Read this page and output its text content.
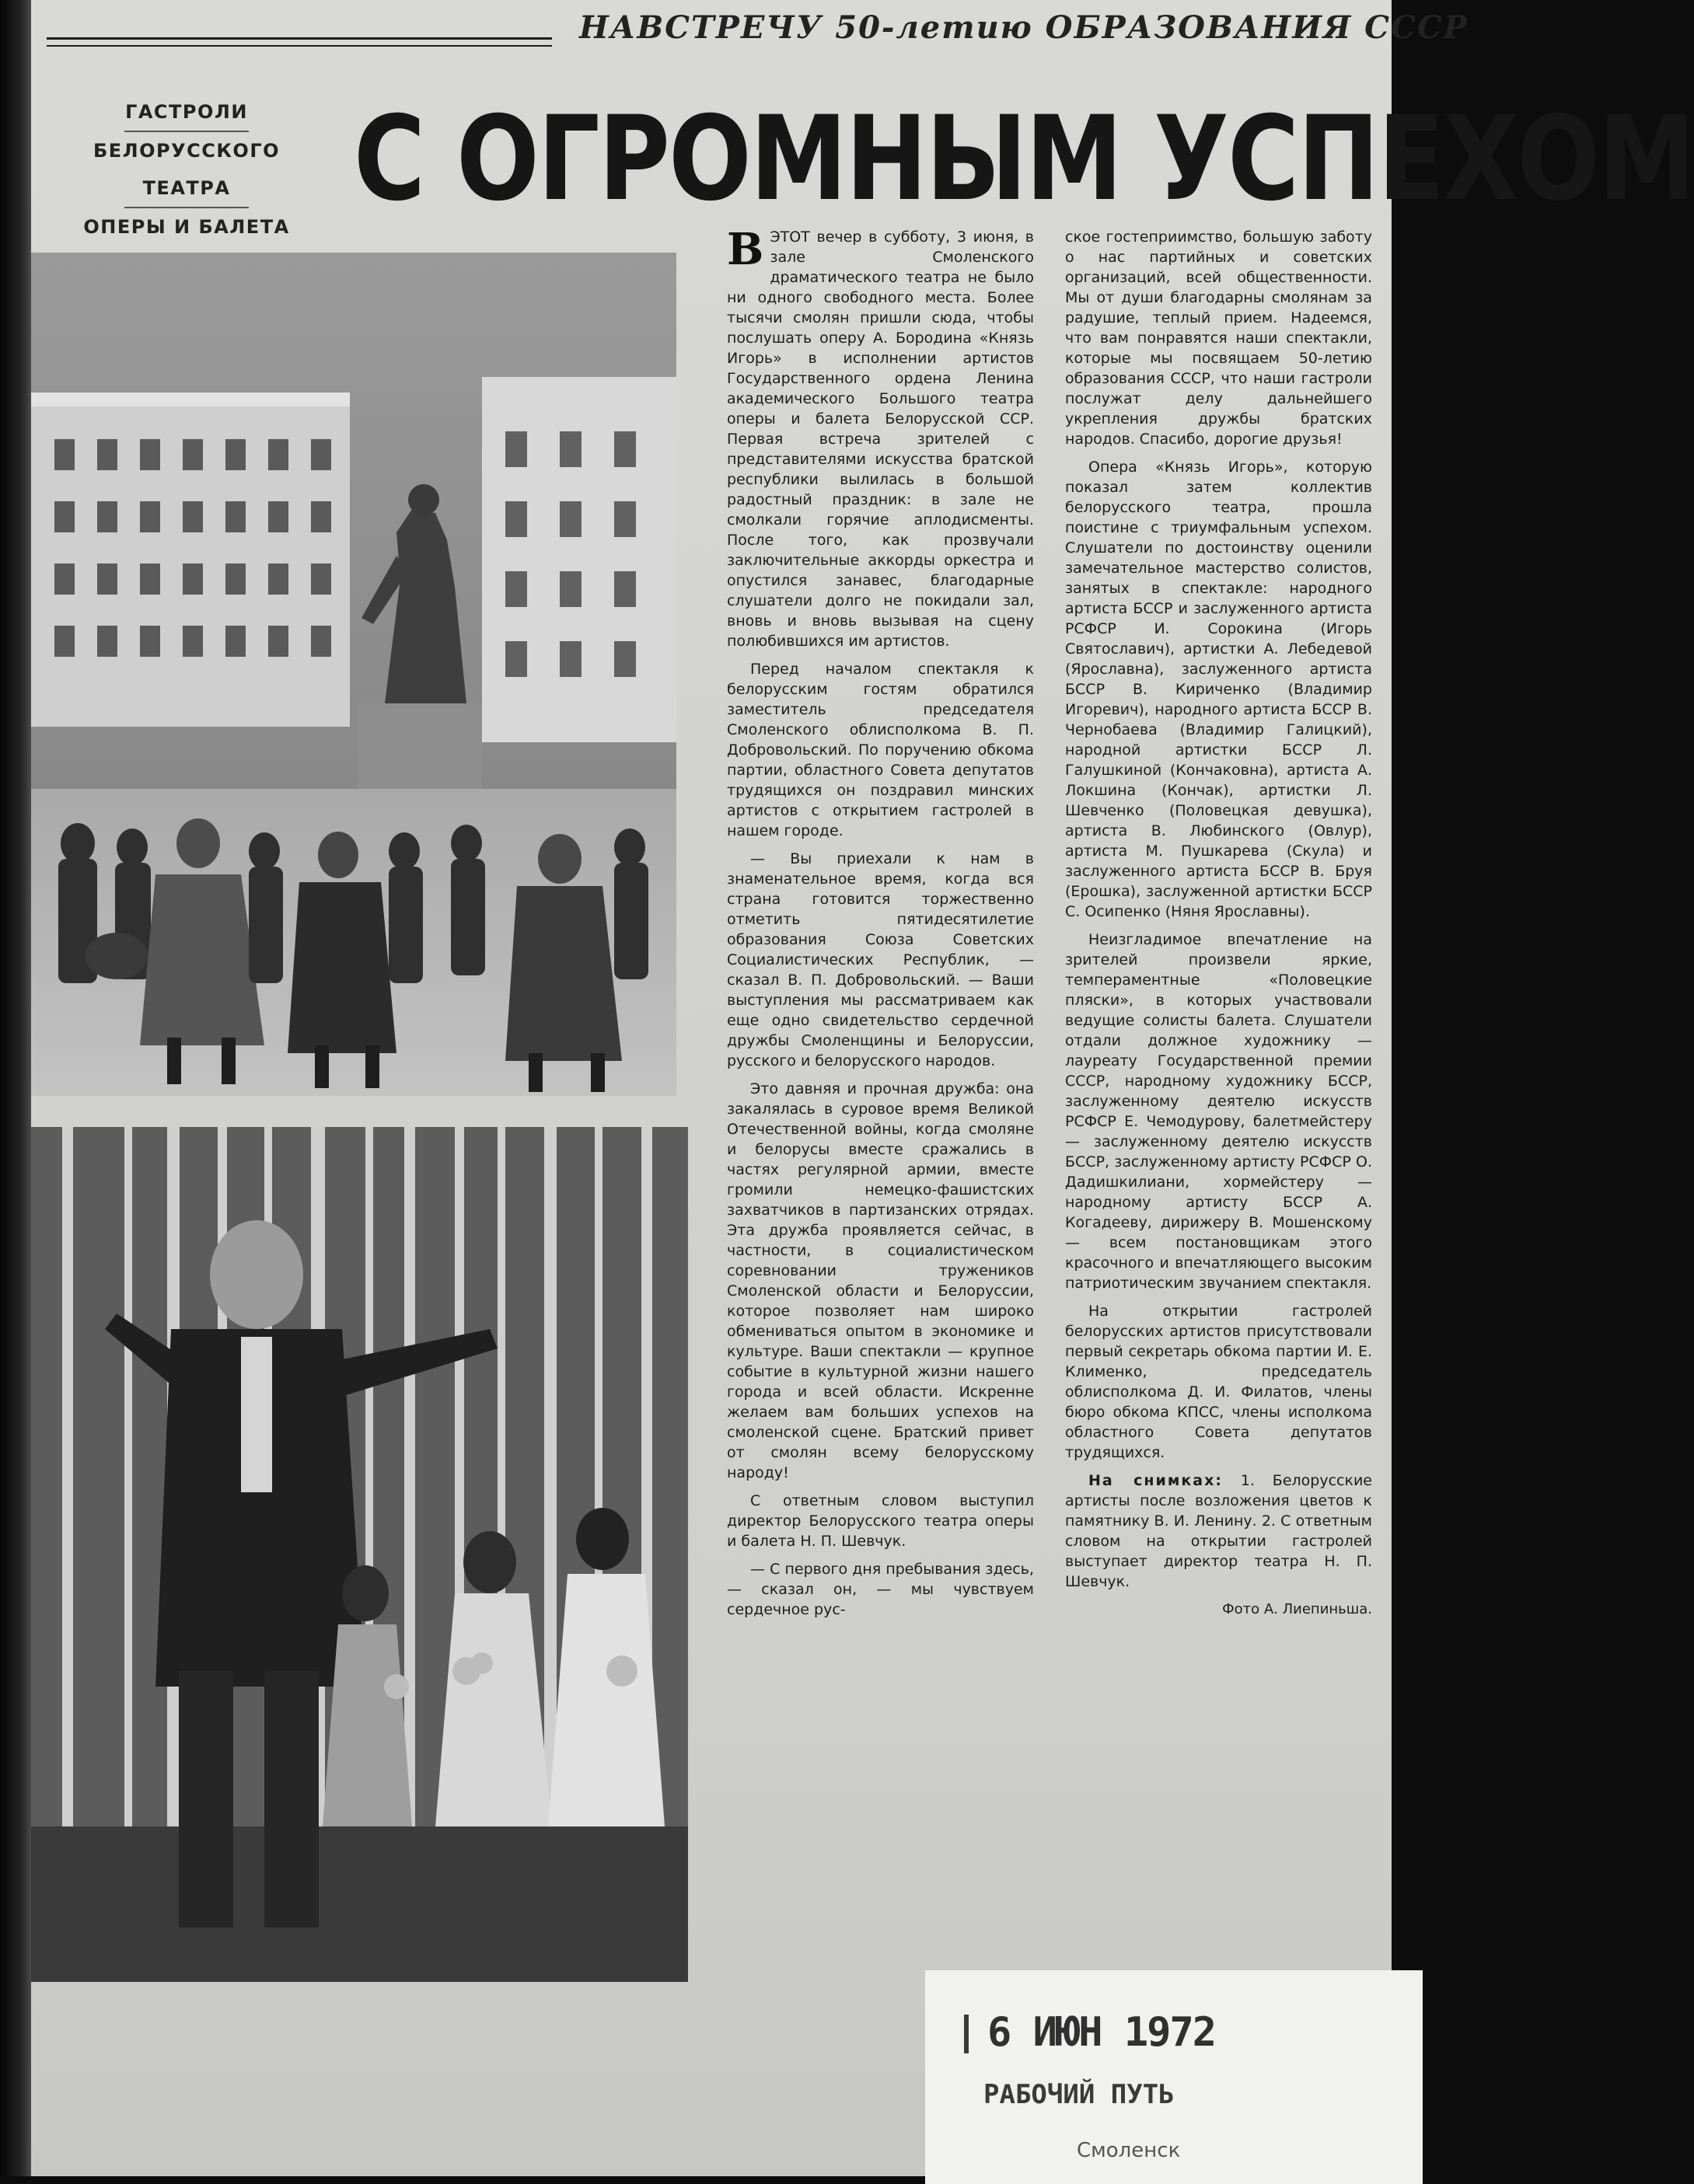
НАВСТРЕЧУ 50-летию ОБРАЗОВАНИЯ СССР
ГАСТРОЛИ
БЕЛОРУССКОГО ТЕАТРА
ОПЕРЫ И БАЛЕТА С ОГРОМНЫМ УСПЕХОМ

ВЭТОТ вечер в субботу, 3 июня, в зале Смоленского драматического театра не было ни одного свободного места. Более тысячи смолян пришли сюда, чтобы послушать оперу А. Бородина «Князь Игорь» в исполнении артистов Государственного ордена Ленина академического Большого театра оперы и балета Белорусской ССР. Первая встреча зрителей с представителями искусства братской республики вылилась в большой радостный праздник: в зале не смолкали горячие аплодисменты. После того, как прозвучали заключительные аккорды оркестра и опустился занавес, благодарные слушатели долго не покидали зал, вновь и вновь вызывая на сцену полюбившихся им артистов.

Перед началом спектакля к белорусским гостям обратился заместитель председателя Смоленского облисполкома В. П. Добровольский. По поручению обкома партии, областного Совета депутатов трудящихся он поздравил минских артистов с открытием гастролей в нашем городе.

— Вы приехали к нам в знаменательное время, когда вся страна готовится торжественно отметить пятидесятилетие образования Союза Советских Социалистических Республик, — сказал В. П. Добровольский. — Ваши выступления мы рассматриваем как еще одно свидетельство сердечной дружбы Смоленщины и Белоруссии, русского и белорусского народов.

Это давняя и прочная дружба: она закалялась в суровое время Великой Отечественной войны, когда смоляне и белорусы вместе сражались в частях регулярной армии, вместе громили немецко-фашистских захватчиков в партизанских отрядах. Эта дружба проявляется сейчас, в частности, в социалистическом соревновании тружеников Смоленской области и Белоруссии, которое позволяет нам широко обмениваться опытом в экономике и культуре. Ваши спектакли — крупное событие в культурной жизни нашего города и всей области. Искренне желаем вам больших успехов на смоленской сцене. Братский привет от смолян всему белорусскому народу!

С ответным словом выступил директор Белорусского театра оперы и балета Н. П. Шевчук.

— С первого дня пребывания здесь, — сказал он, — мы чувствуем сердечное рус-

ское гостеприимство, большую заботу о нас партийных и советских организаций, всей общественности. Мы от души благодарны смолянам за радушие, теплый прием. Надеемся, что вам понравятся наши спектакли, которые мы посвящаем 50-летию образования СССР, что наши гастроли послужат делу дальнейшего укрепления дружбы братских народов. Спасибо, дорогие друзья!

Опера «Князь Игорь», которую показал затем коллектив белорусского театра, прошла поистине с триумфальным успехом. Слушатели по достоинству оценили замечательное мастерство солистов, занятых в спектакле: народного артиста БССР и заслуженного артиста РСФСР И. Сорокина (Игорь Святославич), артистки А. Лебедевой (Ярославна), заслуженного артиста БССР В. Кириченко (Владимир Игоревич), народного артиста БССР В. Чернобаева (Владимир Галицкий), народной артистки БССР Л. Галушкиной (Кончаковна), артиста А. Локшина (Кончак), артистки Л. Шевченко (Половецкая девушка), артиста В. Любинского (Овлур), артиста М. Пушкарева (Скула) и заслуженного артиста БССР В. Бруя (Ерошка), заслуженной артистки БССР С. Осипенко (Няня Ярославны).

Неизгладимое впечатление на зрителей произвели яркие, темпераментные «Половецкие пляски», в которых участвовали ведущие солисты балета. Слушатели отдали должное художнику — лауреату Государственной премии СССР, народному художнику БССР, заслуженному деятелю искусств РСФСР Е. Чемодурову, балетмейстеру — заслуженному деятелю искусств БССР, заслуженному артисту РСФСР О. Дадишкилиани, хормейстеру — народному артисту БССР А. Когадееву, дирижеру В. Мошенскому — всем постановщикам этого красочного и впечатляющего высоким патриотическим звучанием спектакля.

На открытии гастролей белорусских артистов присутствовали первый секретарь обкома партии И. Е. Клименко, председатель облисполкома Д. И. Филатов, члены бюро обкома КПСС, члены исполкома областного Совета депутатов трудящихся.

На снимках: 1. Белорусские артисты после возложения цветов к памятнику В. И. Ленину. 2. С ответным словом на открытии гастролей выступает директор театра Н. П. Шевчук.

Фото А. Лиепиньша.
6 ИЮН 1972
РАБОЧИЙ ПУТЬ
Смоленск
